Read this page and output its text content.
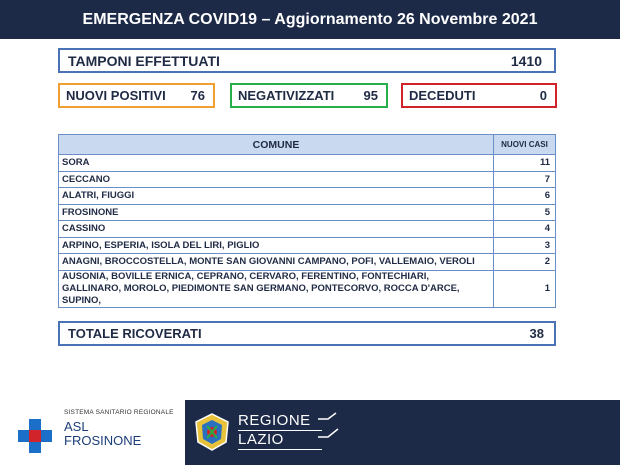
EMERGENZA COVID19 – Aggiornamento 26 Novembre 2021
TAMPONI EFFETTUATI	1410
NUOVI POSITIVI 76	NEGATIVIZZATI 95 DECEDUTI	0
COMUNE	NUOVI CASI
SORA	11
CECCANO	7
ALATRI, FIUGGI	6
FROSINONE	5
CASSINO	4
ARPINO, ESPERIA, ISOLA DEL LIRI, PIGLIO	3
ANAGNI, BROCCOSTELLA, MONTE SAN GIOVANNI CAMPANO, POFI, VALLEMAIO, VEROLI	2
AUSONIA, BOVILLE ERNICA, CEPRANO, CERVARO, FERENTINO, FONTECHIARI, GALLINARO, MOROLO, PIEDIMONTE SAN GERMANO, PONTECORVO, ROCCA D'ARCE, SUPINO,	1
TOTALE RICOVERATI	38
SISTEMA SANITARIO REGIONALE
ASL
FROSINONE
REGIONE
LAZIO
